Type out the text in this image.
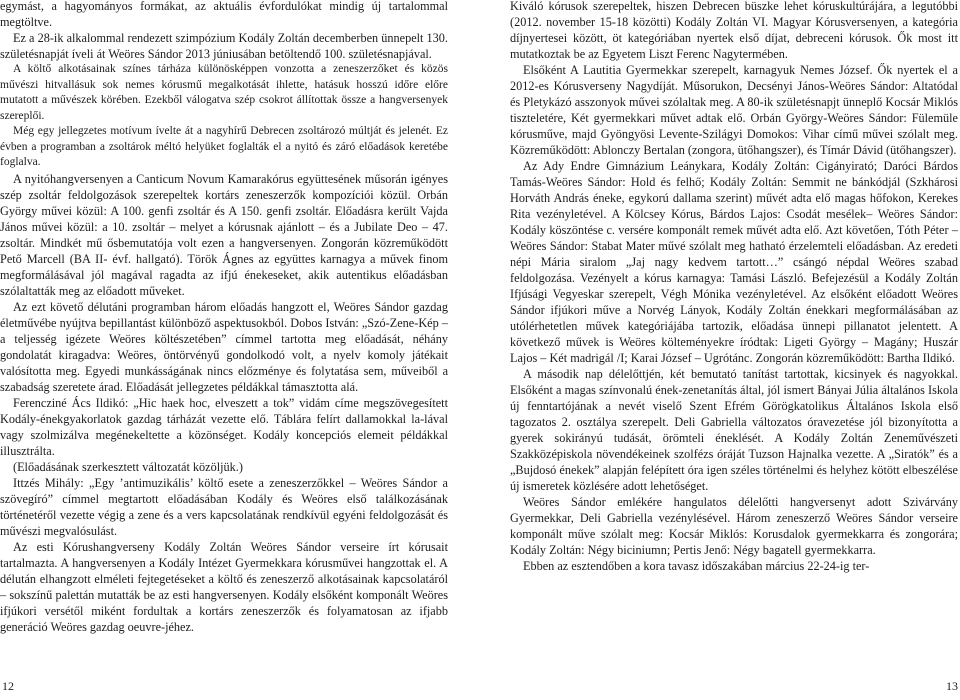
egymást, a hagyományos formákat, az aktuális évfordulókat mindig új tartalommal megtöltve.

Ez a 28-ik alkalommal rendezett szimpózium Kodály Zoltán decemberben ünnepelt 130. születésnapját íveli át Weöres Sándor 2013 júniusában betöltendő 100. születésnapjával.

A költő alkotásainak színes tárháza különösképpen vonzotta a zeneszerzőket és közös művészi hitvallásuk sok nemes kórusmű megalkotását ihlette, hatásuk hosszú időre előre mutatott a művészek körében. Ezekből válogatva szép csokrot állítottak össze a hangversenyek szereplői.

Még egy jellegzetes motívum ívelte át a nagyhírű Debrecen zsoltározó múltját és jelenét. Ez évben a programban a zsoltárok méltó helyüket foglalták el a nyitó és záró előadások keretébe foglalva.

A nyitóhangversenyen a Canticum Novum Kamarakórus együttesének műsorán igényes szép zsoltár feldolgozások szerepeltek kortárs zeneszerzők kompozíciói közül. Orbán György művei közül: A 100. genfi zsoltár és A 150. genfi zsoltár. Előadásra került Vajda János művei közül: a 10. zsoltár – melyet a kórusnak ajánlott – és a Jubilate Deo – 47. zsoltár. Mindkét mű ősbemutatója volt ezen a hangversenyen. Zongorán közreműködött Pető Marcell (BA II- évf. hallgató). Török Ágnes az együttes karnagya a művek finom megformálásával jól magával ragadta az ifjú énekeseket, akik autentikus előadásban szólaltatták meg az előadott műveket.

Az ezt követő délutáni programban három előadás hangzott el, Weöres Sándor gazdag életművébe nyújtva bepillantást különböző aspektusokból. Dobos István: „Szó-Zene-Kép – a teljesség igézete Weöres költészetében” címmel tartotta meg előadását, néhány gondolatát kiragadva: Weöres, öntörvényű gondolkodó volt, a nyelv komoly játékait valósította meg. Egyedi munkásságának nincs előzménye és folytatása sem, műveiből a szabadság szeretete árad. Előadását jellegzetes példákkal támasztotta alá.

Ferencziné Ács Ildikó: „Hic haek hoc, elveszett a tok” vidám címe megszövegesített Kodály-énekgyakorlatok gazdag tárházát vezette elő. Táblára felírt dallamokkal la-lával vagy szolmizálva megénekeltette a közönséget. Kodály koncepciós elemeit példákkal illusztrálta.

(Előadásának szerkesztett változatát közöljük.)

Ittzés Mihály: „Egy ’antimuzikális’ költő esete a zeneszerzőkkel – Weöres Sándor a szövegíró” címmel megtartott előadásában Kodály és Weöres első találkozásának történetéről vezette végig a zene és a vers kapcsolatának rendkívül egyéni feldolgozását és művészi megvalósulást.

Az esti Kórushangverseny Kodály Zoltán Weöres Sándor verseire írt kórusait tartalmazta. A hangversenyen a Kodály Intézet Gyermekkara kórusművei hangzottak el. A délután elhangzott elméleti fejtegetéseket a költő és zeneszerző alkotásainak kapcsolatáról – sokszínű palettán mutatták be az esti hangversenyen. Kodály elsőként komponált Weöres ifjúkori versétől miként fordultak a kortárs zeneszerzők és folyamatosan az ifjabb generáció Weöres gazdag oeuvre-jéhez.

12

Kiváló kórusok szerepeltek, hiszen Debrecen büszke lehet kóruskultúrájára, a legutóbbi (2012. november 15-18 közötti) Kodály Zoltán VI. Magyar Kórusversenyen, a kategória díjnyertesei között, öt kategóriában nyertek első díjat, debreceni kórusok. Ők most itt mutatkoztak be az Egyetem Liszt Ferenc Nagytermében.

Elsőként A Lautitia Gyermekkar szerepelt, karnagyuk Nemes József. Ők nyertek el a 2012-es Kórusverseny Nagydíját. Műsorukon, Decsényi János-Weöres Sándor: Altatódal és Pletykázó asszonyok művei szólaltak meg. A 80-ik születésnapjt ünneplő Kocsár Miklós tiszteletére, Két gyermekkari művet adtak elő. Orbán György-Weöres Sándor: Fülemüle kórusműve, majd Gyöngyösi Levente-Szilágyi Domokos: Vihar című művei szólalt meg. Közreműködött: Ablonczy Bertalan (zongora, ütőhangszer), és Tímár Dávid (ütőhangszer).

Az Ady Endre Gimnázium Leánykara, Kodály Zoltán: Cigányirató; Daróci Bárdos Tamás-Weöres Sándor: Hold és felhő; Kodály Zoltán: Semmit ne bánkódjál (Szkhárosi Horváth András éneke, egykorú dallama szerint) művét adta elő magas hőfokon, Kerekes Rita vezényletével. A Kölcsey Kórus, Bárdos Lajos: Csodát mesélek– Weöres Sándor: Kodály köszöntése c. versére komponált remek művét adta elő. Azt követően, Tóth Péter – Weöres Sándor: Stabat Mater művé szólalt meg hatható érzelemteli előadásban. Az eredeti népi Mária siralom „Jaj nagy kedvem tartott…” csángó népdal Weöres szabad feldolgozása. Vezényelt a kórus karnagya: Tamási László. Befejezésül a Kodály Zoltán Ifjúsági Vegyeskar szerepelt, Végh Mónika vezényletével. Az elsőként előadott Weöres Sándor ifjúkori műve a Norvég Lányok, Kodály Zoltán énekkari megformálásában az utólérhetetlen művek kategóriájába tartozik, előadása ünnepi pillanatot jelentett. A következő művek is Weöres költeményekre íródtak: Ligeti György – Magány; Huszár Lajos – Két madrigál /I; Karai József – Ugrótánc. Zongorán közreműködött: Bartha Ildikó.

A második nap délelőttjén, két bemutató tanítást tartottak, kicsinyek és nagyokkal. Elsőként a magas színvonalú ének-zenetanítás által, jól ismert Bányai Júlia általános Iskola új fenntartójának a nevét viselő Szent Efrém Görögkatolikus Általános Iskola első tagozatos 2. osztálya szerepelt. Deli Gabriella változatos óravezetése jól bizonyította a gyerek sokirányú tudását, örömteli éneklését. A Kodály Zoltán Zeneművészeti Szakközépiskola növendékeinek szolfézs óráját Tuzson Hajnalka vezette. A „Siratók” és a „Bujdosó énekek” alapján felépített óra igen széles történelmi és helyhez kötött elbeszélése új ismeretek közlésére adott lehetőséget.

Weöres Sándor emlékére hangulatos délelőtti hangversenyt adott Szivárvány Gyermekkar, Deli Gabriella vezénylésével. Három zeneszerző Weöres Sándor verseire komponált műve szólalt meg: Kocsár Miklós: Korusdalok gyermekkarra és zongorára; Kodály Zoltán: Négy biciniumn; Pertis Jenő: Négy bagatell gyermekkarra.

Ebben az esztendőben a kora tavasz időszakában március 22-24-ig ter-

13
